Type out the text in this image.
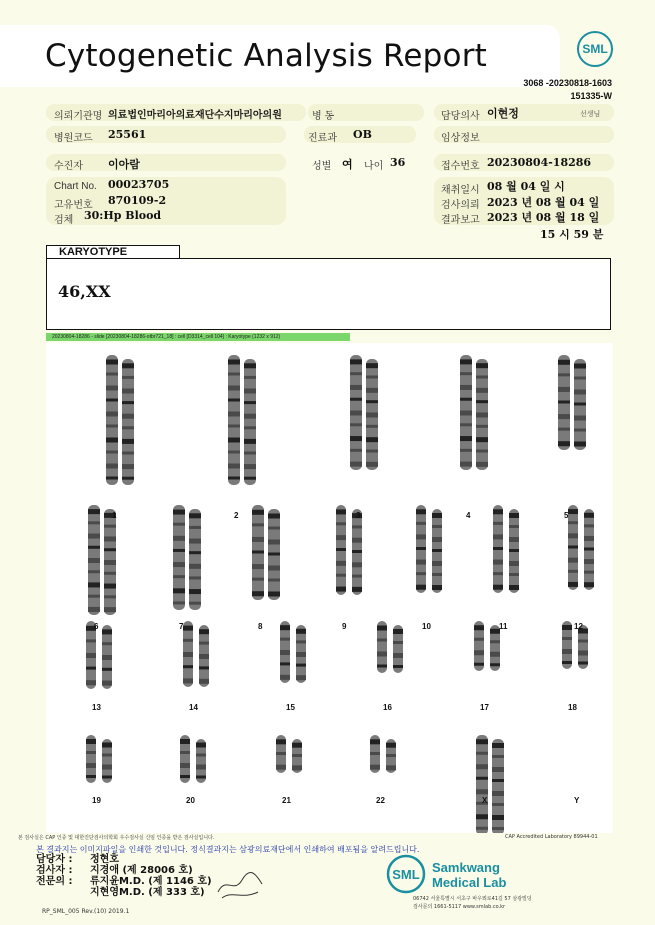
Cytogenetic Analysis Report	SML
3068 -20230818-1603
151335-W
의뢰기관명 의료법인마리아의료재단수지마리아의원	병 동	담당의사 이현정	선생님
병원코드 25561	진료과 OB	임상정보
수진자 이아람	성별 여 나이 36	접수번호 20230804-18286
Chart No. 00023705
고유번호 870109-2
검체 30:Hp Blood
채취일시 08 월 04 일 시
검사의뢰 2023 년 08 월 04 일
결과보고 2023 년 08 월 18 일
15 시 59 분
KARYOTYPE
46,XX
20230804-18286 - slide [20230804-18286-otbr721_18] : cell [D3314_cell 104] : Karyotype (1232 x 912)
1	2	3	4	5
6	7	8	9	10	11	12
13	14	15	16	17	18
19	20	21	22	X	Y
본 검사실은 CAP 인증 및 대한진단검사의학회 우수검사실 신임 인증을 받은 검사실입니다.	CAP Accredited Laboratory 89944-01
본 결과지는 이미지파일을 인쇄한 것입니다. 정식결과지는 삼광의료재단에서 인쇄하여 배포됨을 알려드립니다.
담당자 : 정현호
검사자 : 지경애 (제 28006 호)
전문의 : 류지윤M.D. (제 1146 호)
지현영M.D. (제 333 호)
RP_SML_005 Rev.(10) 2019.1
SML Samkwang
Medical Lab
06742 서울특별시 서초구 바우뫼로41길 57 삼광빌딩
검사문의 1661-5117 www.smlab.co.kr
